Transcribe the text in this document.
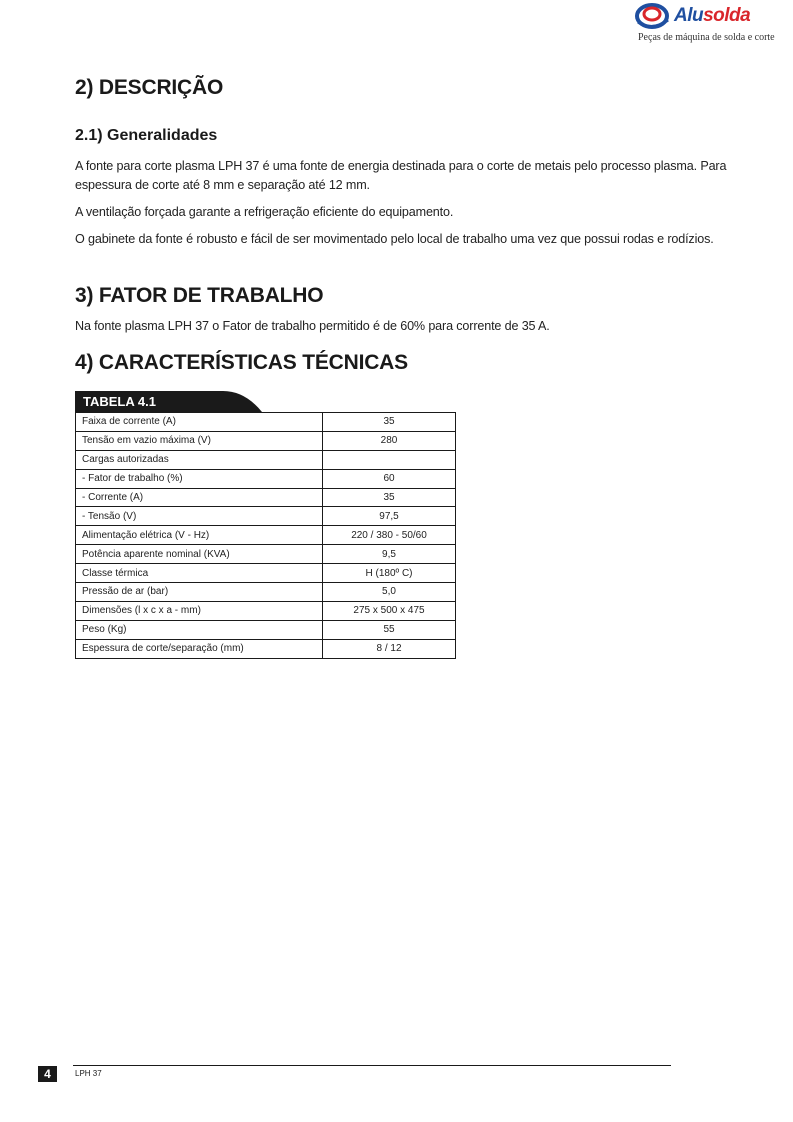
Alusolda
Peças de máquina de solda e corte
2) DESCRIÇÃO
2.1) Generalidades

A fonte para corte plasma LPH 37 é uma fonte de energia destinada para o corte de metais pelo processo plasma. Para espessura de corte até 8 mm e separação até 12 mm.

A ventilação forçada garante a refrigeração eficiente do equipamento.

O gabinete da fonte é robusto e fácil de ser movimentado pelo local de trabalho uma vez que possui rodas e rodízios.

3) FATOR DE TRABALHO

Na fonte plasma LPH 37 o Fator de trabalho permitido é de 60% para corrente de 35 A.

4) CARACTERÍSTICAS TÉCNICAS
TABELA 4.1
Faixa de corrente (A)	35
Tensão em vazio máxima (V)	280
Cargas autorizadas	
- Fator de trabalho (%)	60
- Corrente (A)	35
- Tensão (V)	97,5
Alimentação elétrica (V - Hz)	220 / 380 - 50/60
Potência aparente nominal (KVA)	9,5
Classe térmica	H (180º C)
Pressão de ar (bar)	5,0
Dimensões (l x c x a - mm)	275 x 500 x 475
Peso (Kg)	55
Espessura de corte/separação (mm)	8 / 12
4	LPH 37
